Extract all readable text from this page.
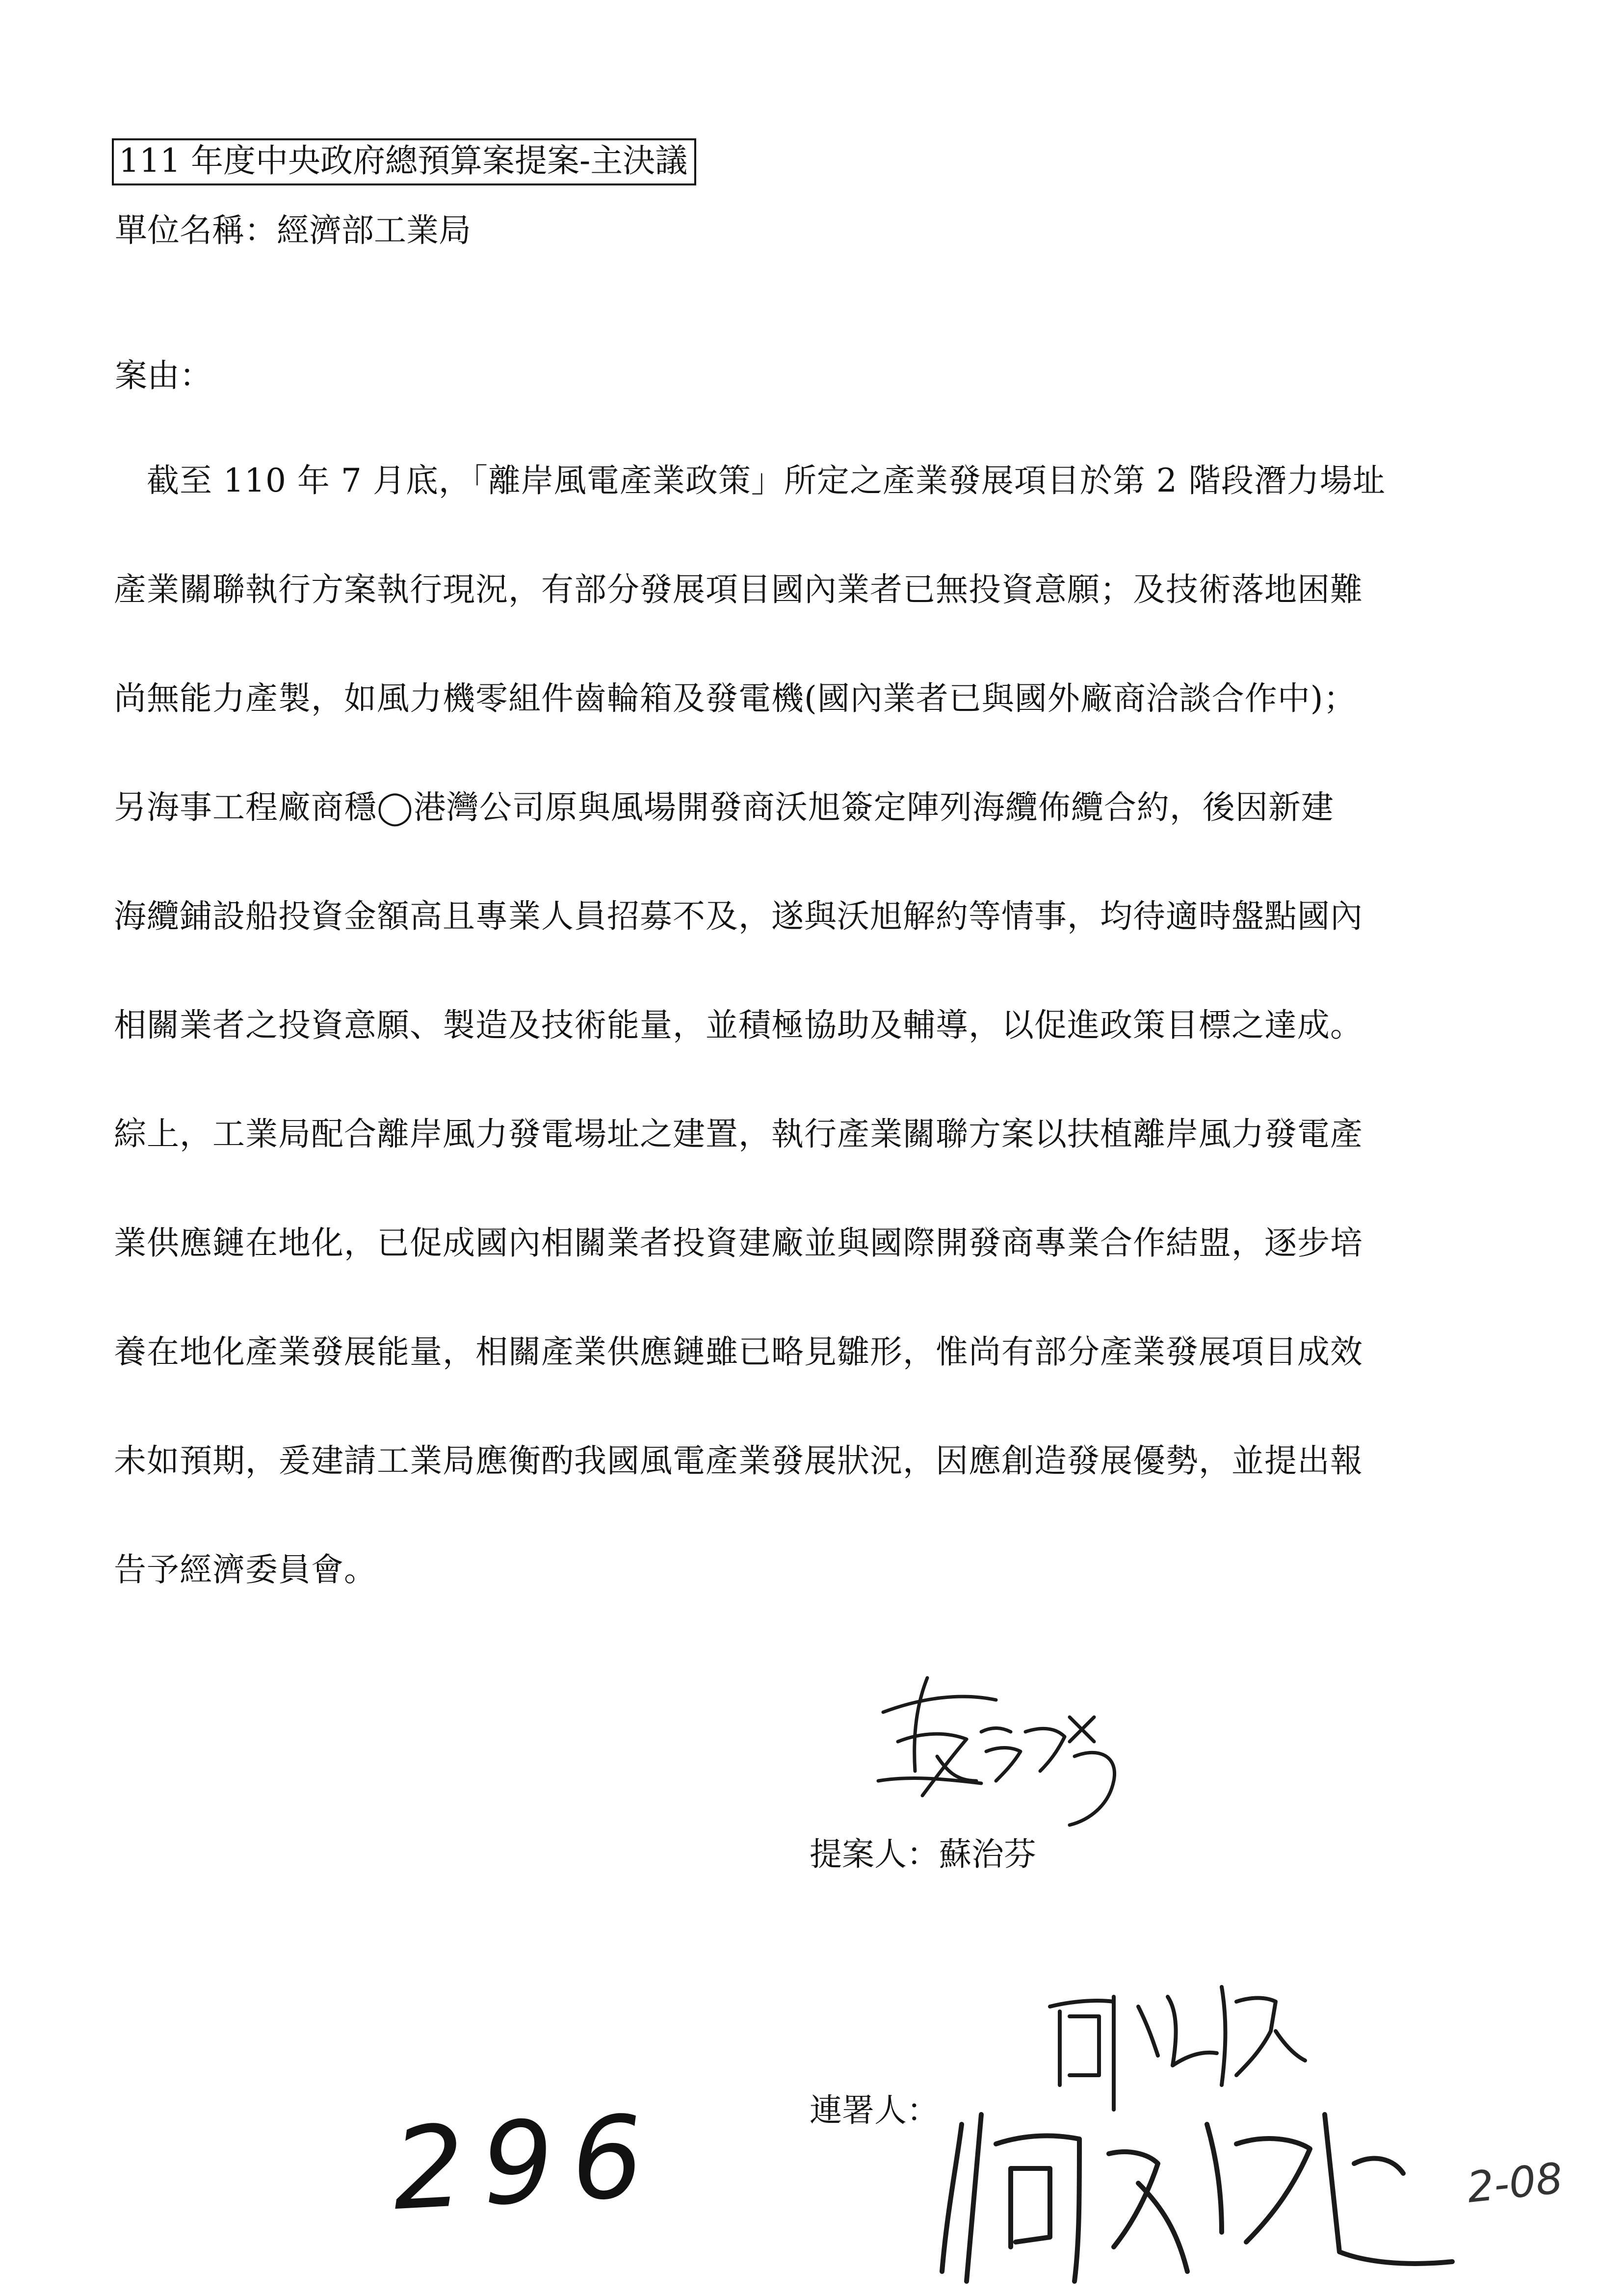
111 年度中央政府總預算案提案-主決議
單位名稱：經濟部工業局
案由：
　截至 110 年 7 月底，「離岸風電產業政策」所定之產業發展項目於第 2 階段潛力場址
產業關聯執行方案執行現況，有部分發展項目國內業者已無投資意願；及技術落地困難
尚無能力產製，如風力機零組件齒輪箱及發電機(國內業者已與國外廠商洽談合作中)；
另海事工程廠商穩◯港灣公司原與風場開發商沃旭簽定陣列海纜佈纜合約，後因新建
海纜鋪設船投資金額高且專業人員招募不及，遂與沃旭解約等情事，均待適時盤點國內
相關業者之投資意願、製造及技術能量，並積極協助及輔導，以促進政策目標之達成。
綜上，工業局配合離岸風力發電場址之建置，執行產業關聯方案以扶植離岸風力發電產
業供應鏈在地化，已促成國內相關業者投資建廠並與國際開發商專業合作結盟，逐步培
養在地化產業發展能量，相關產業供應鏈雖已略見雛形，惟尚有部分產業發展項目成效
未如預期，爰建請工業局應衡酌我國風電產業發展狀況，因應創造發展優勢，並提出報
告予經濟委員會。
提案人：蘇治芬
連署人：
296	2-08
